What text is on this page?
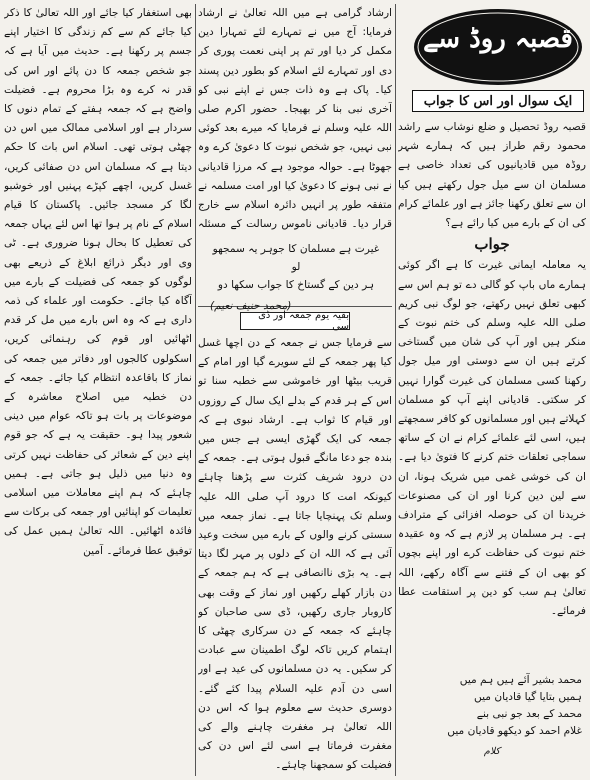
قصبہ روڈ سے
ایک سوال اور اس کا جواب

قصبہ روڈ تحصیل و ضلع نوشاب سے راشد محمود رقم طراز ہیں کہ ہمارے شہر روڈہ میں قادیانیوں کی تعداد خاصی ہے مسلمان ان سے میل جول رکھتے ہیں کیا ان سے تعلق رکھنا جائز ہے اور علمائے کرام کی ان کے بارے میں کیا رائے ہے؟

جواب

یہ معاملہ ایمانی غیرت کا ہے اگر کوئی ہمارے ماں باپ کو گالی دے تو ہم اس سے کبھی تعلق نہیں رکھتے، جو لوگ نبی کریم صلی اللہ علیہ وسلم کی ختم نبوت کے منکر ہیں اور آپ کی شان میں گستاخی کرتے ہیں ان سے دوستی اور میل جول رکھنا کسی مسلمان کی غیرت گوارا نہیں کر سکتی۔ قادیانی اپنے آپ کو مسلمان کہلاتے ہیں اور مسلمانوں کو کافر سمجھتے ہیں، اسی لئے علمائے کرام نے ان کے ساتھ سماجی تعلقات ختم کرنے کا فتویٰ دیا ہے۔ ان کی خوشی غمی میں شریک ہونا، ان سے لین دین کرنا اور ان کی مصنوعات خریدنا ان کی حوصلہ افزائی کے مترادف ہے۔ ہر مسلمان پر لازم ہے کہ وہ عقیدہ ختم نبوت کی حفاظت کرے اور اپنے بچوں کو بھی ان کے فتنے سے آگاہ رکھے، اللہ تعالیٰ ہم سب کو دین پر استقامت عطا فرمائے۔

محمد بشیر آئے ہیں ہم میں
ہمیں بتایا گیا قادیان میں
محمد کے بعد جو نبی بنے
غلام احمد کو دیکھو قادیان میں
کلام

ارشاد گرامی ہے میں اللہ تعالیٰ نے ارشاد فرمایا: آج میں نے تمہارے لئے تمہارا دین مکمل کر دیا اور تم پر اپنی نعمت پوری کر دی اور تمہارے لئے اسلام کو بطور دین پسند کیا۔ پاک ہے وہ ذات جس نے اپنے نبی کو آخری نبی بنا کر بھیجا۔ حضور اکرم صلی اللہ علیہ وسلم نے فرمایا کہ میرے بعد کوئی نبی نہیں، جو شخص نبوت کا دعویٰ کرے وہ جھوٹا ہے۔ حوالہ موجود ہے کہ مرزا قادیانی نے نبی ہونے کا دعویٰ کیا اور امت مسلمہ نے متفقہ طور پر انہیں دائرہ اسلام سے خارج قرار دیا۔ قادیانی ناموس رسالت کے مسئلہ

غیرت ہے مسلمان کا جوہر یہ سمجھو لو
ہر دین کے گستاخ کا جواب سکھا دو
(محمد حنیف نعیم)
بقیہ یوم جمعہ اور ڈی سی

سے فرمایا جس نے جمعہ کے دن اچھا غسل کیا پھر جمعہ کے لئے سویرے گیا اور امام کے قریب بیٹھا اور خاموشی سے خطبہ سنا تو اس کے ہر قدم کے بدلے ایک سال کے روزوں اور قیام کا ثواب ہے۔ ارشاد نبوی ہے کہ جمعہ کی ایک گھڑی ایسی ہے جس میں بندہ جو دعا مانگے قبول ہوتی ہے۔ جمعہ کے دن درود شریف کثرت سے پڑھنا چاہئے کیونکہ امت کا درود آپ صلی اللہ علیہ وسلم تک پہنچایا جاتا ہے۔ نماز جمعہ میں سستی کرنے والوں کے بارے میں سخت وعید آئی ہے کہ اللہ ان کے دلوں پر مہر لگا دیتا ہے۔ یہ بڑی ناانصافی ہے کہ ہم جمعہ کے دن بازار کھلے رکھیں اور نماز کے وقت بھی کاروبار جاری رکھیں، ڈی سی صاحبان کو چاہئے کہ جمعہ کے دن سرکاری چھٹی کا اہتمام کریں تاکہ لوگ اطمینان سے عبادت کر سکیں۔ یہ دن مسلمانوں کی عید ہے اور اسی دن آدم علیہ السلام پیدا کئے گئے۔ دوسری حدیث سے معلوم ہوا کہ اس دن اللہ تعالیٰ ہر مغفرت چاہنے والے کی مغفرت فرماتا ہے اسی لئے اس دن کی فضیلت کو سمجھنا چاہئے۔

بھی استغفار کیا جائے اور اللہ تعالیٰ کا ذکر کیا جائے کم سے کم زندگی کا اختیار اپنے جسم پر رکھنا ہے۔ حدیث میں آیا ہے کہ جو شخص جمعہ کا دن پائے اور اس کی قدر نہ کرے وہ بڑا محروم ہے۔ فضیلت واضح ہے کہ جمعہ ہفتے کے تمام دنوں کا سردار ہے اور اسلامی ممالک میں اس دن چھٹی ہوتی تھی۔ اسلام اس بات کا حکم دیتا ہے کہ مسلمان اس دن صفائی کریں، غسل کریں، اچھے کپڑے پہنیں اور خوشبو لگا کر مسجد جائیں۔ پاکستان کا قیام اسلام کے نام پر ہوا تھا اس لئے یہاں جمعہ کی تعطیل کا بحال ہونا ضروری ہے۔ ٹی وی اور دیگر ذرائع ابلاغ کے ذریعے بھی لوگوں کو جمعہ کی فضیلت کے بارے میں آگاہ کیا جائے۔ حکومت اور علماء کی ذمہ داری ہے کہ وہ اس بارے میں مل کر قدم اٹھائیں اور قوم کی رہنمائی کریں، اسکولوں کالجوں اور دفاتر میں جمعہ کی نماز کا باقاعدہ انتظام کیا جائے۔ جمعہ کے دن خطبہ میں اصلاح معاشرہ کے موضوعات پر بات ہو تاکہ عوام میں دینی شعور پیدا ہو۔ حقیقت یہ ہے کہ جو قوم اپنے دین کے شعائر کی حفاظت نہیں کرتی وہ دنیا میں ذلیل ہو جاتی ہے۔ ہمیں چاہئے کہ ہم اپنے معاملات میں اسلامی تعلیمات کو اپنائیں اور جمعہ کی برکات سے فائدہ اٹھائیں۔ اللہ تعالیٰ ہمیں عمل کی توفیق عطا فرمائے۔ آمین
